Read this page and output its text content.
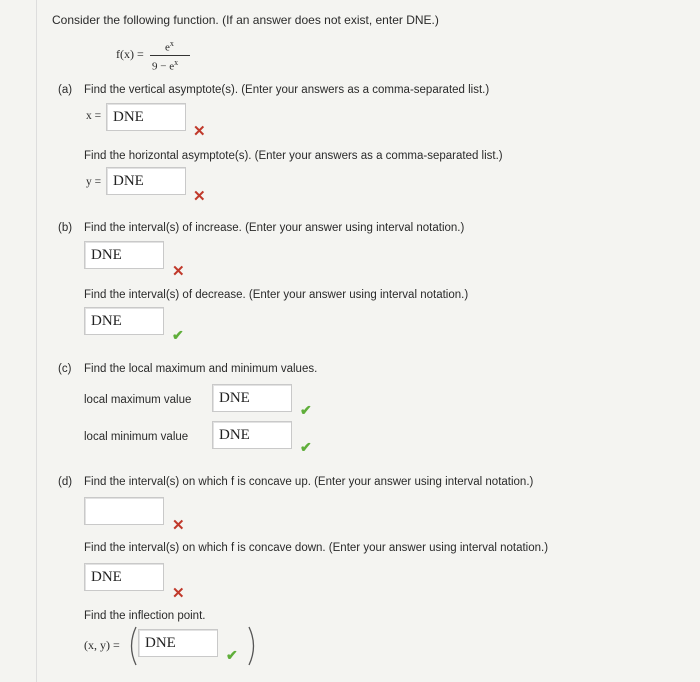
Consider the following function. (If an answer does not exist, enter DNE.)
$f(x) = e^x$
$9 - e^x$
(a) Find the vertical asymptote(s). (Enter your answers as a comma-separated list.)
x = DNE
✕
Find the horizontal asymptote(s). (Enter your answers as a comma-separated list.)
y = DNE
✕
(b) Find the interval(s) of increase. (Enter your answer using interval notation.)
DNE
✕
Find the interval(s) of decrease. (Enter your answer using interval notation.)
DNE
✔
(c) Find the local maximum and minimum values.
local maximum value	DNE
✔
local minimum value	DNE
✔
(d) Find the interval(s) on which f is concave up. (Enter your answer using interval notation.)
✕
Find the interval(s) on which f is concave down. (Enter your answer using interval notation.)
DNE
✕
Find the inflection point.
(x, y) =	DNE
✔
